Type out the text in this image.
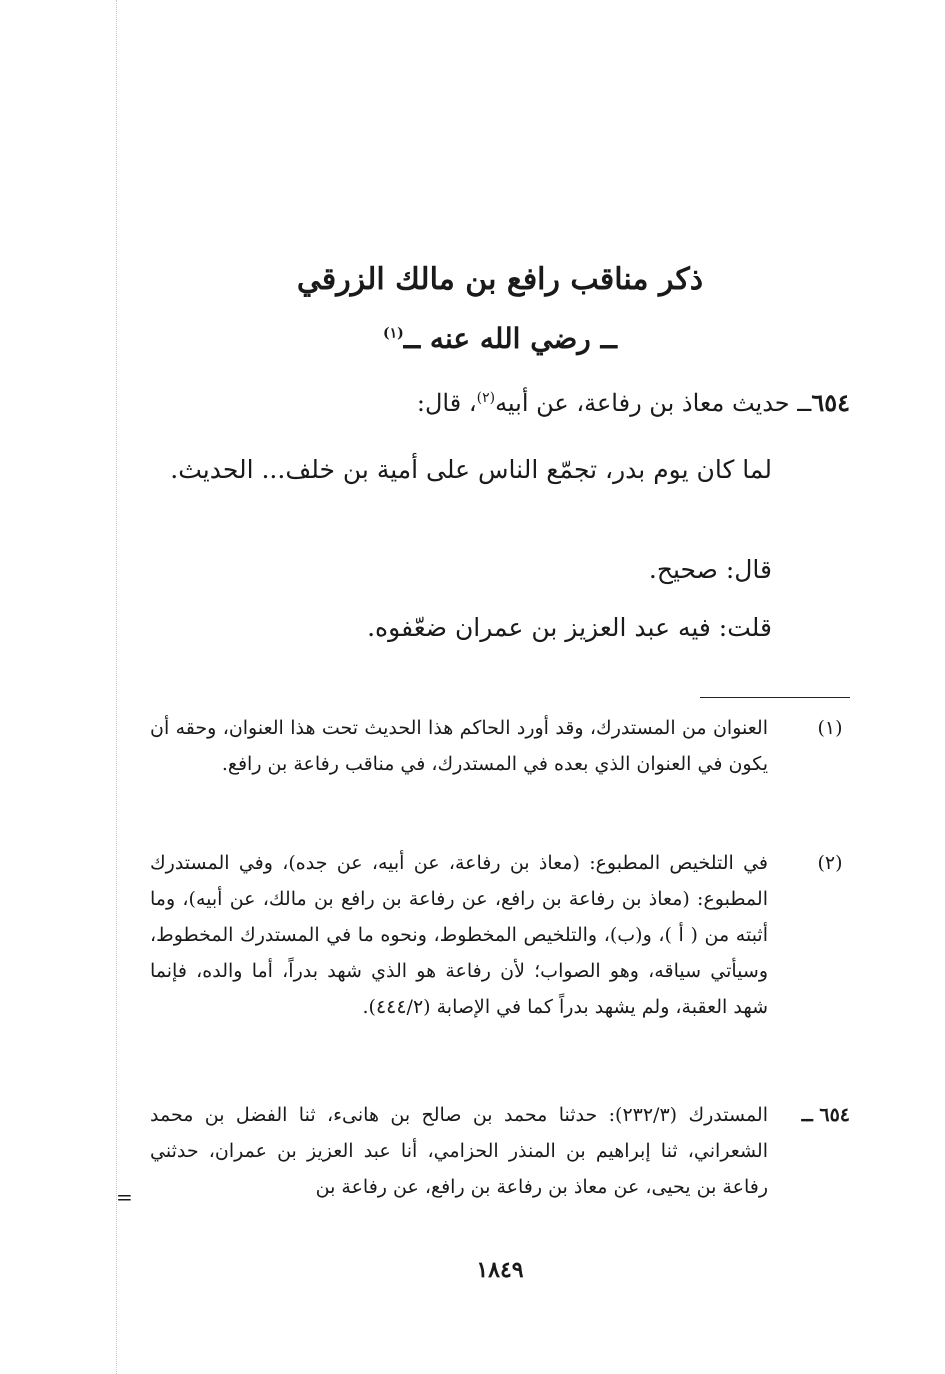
ذكر مناقب رافع بن مالك الزرقي
ــ رضي الله عنه ــ$^{(١)}$
٦٥٤ــ حديث معاذ بن رفاعة، عن أبيه$^{(٢)}$، قال:
لما كان يوم بدر، تجمّع الناس على أمية بن خلف... الحديث.
قال: صحيح.
قلت: فيه عبد العزيز بن عمران ضعّفوه.
(١)
العنوان من المستدرك، وقد أورد الحاكم هذا الحديث تحت هذا العنوان، وحقه أن يكون في العنوان الذي بعده في المستدرك، في مناقب رفاعة بن رافع.
(٢)
في التلخيص المطبوع: (معاذ بن رفاعة، عن أبيه، عن جده)، وفي المستدرك المطبوع: (معاذ بن رفاعة بن رافع، عن رفاعة بن رافع بن مالك، عن أبيه)، وما أثبته من ( أ )، و(ب)، والتلخيص المخطوط، ونحوه ما في المستدرك المخطوط، وسيأتي سياقه، وهو الصواب؛ لأن رفاعة هو الذي شهد بدراً، أما والده، فإنما شهد العقبة، ولم يشهد بدراً كما في الإصابة (٤٤٤/٢).
٦٥٤ ــ
المستدرك (٢٣٢/٣): حدثنا محمد بن صالح بن هانىء، ثنا الفضل بن محمد الشعراني، ثنا إبراهيم بن المنذر الحزامي، أنا عبد العزيز بن عمران، حدثني رفاعة بن يحيى، عن معاذ بن رفاعة بن رافع، عن رفاعة بن
=
١٨٤٩
